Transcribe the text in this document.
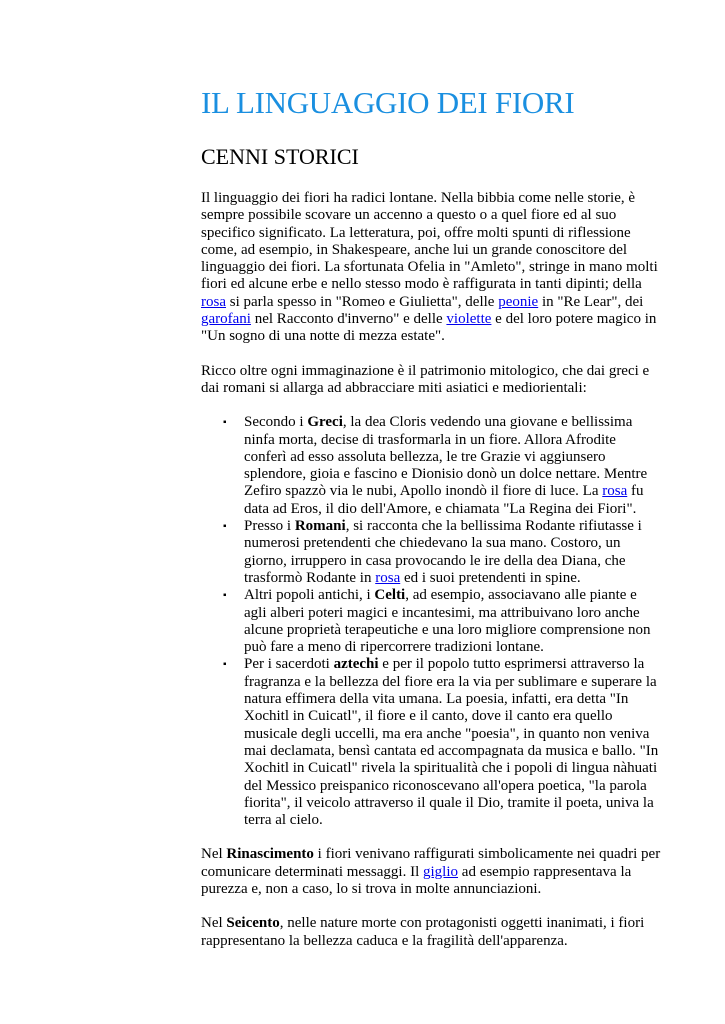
IL LINGUAGGIO DEI FIORI
CENNI STORICI

Il linguaggio dei fiori ha radici lontane. Nella bibbia come nelle storie, è sempre possibile scovare un accenno a questo o a quel fiore ed al suo specifico significato. La letteratura, poi, offre molti spunti di riflessione come, ad esempio, in Shakespeare, anche lui un grande conoscitore del linguaggio dei fiori. La sfortunata Ofelia in "Amleto", stringe in mano molti fiori ed alcune erbe e nello stesso modo è raffigurata in tanti dipinti; della rosa si parla spesso in "Romeo e Giulietta", delle peonie in "Re Lear", dei garofani nel Racconto d'inverno" e delle violette e del loro potere magico in "Un sogno di una notte di mezza estate".

Ricco oltre ogni immaginazione è il patrimonio mitologico, che dai greci e dai romani si allarga ad abbracciare miti asiatici e mediorientali:

▪ Secondo i Greci, la dea Cloris vedendo una giovane e bellissima ninfa morta, decise di trasformarla in un fiore. Allora Afrodite conferì ad esso assoluta bellezza, le tre Grazie vi aggiunsero splendore, gioia e fascino e Dionisio donò un dolce nettare. Mentre Zefiro spazzò via le nubi, Apollo inondò il fiore di luce. La rosa fu data ad Eros, il dio dell'Amore, e chiamata "La Regina dei Fiori".
▪ Presso i Romani, si racconta che la bellissima Rodante rifiutasse i numerosi pretendenti che chiedevano la sua mano. Costoro, un giorno, irruppero in casa provocando le ire della dea Diana, che trasformò Rodante in rosa ed i suoi pretendenti in spine.
▪ Altri popoli antichi, i Celti, ad esempio, associavano alle piante e agli alberi poteri magici e incantesimi, ma attribuivano loro anche alcune proprietà terapeutiche e una loro migliore comprensione non può fare a meno di ripercorrere tradizioni lontane.
▪ Per i sacerdoti aztechi e per il popolo tutto esprimersi attraverso la fragranza e la bellezza del fiore era la via per sublimare e superare la natura effimera della vita umana. La poesia, infatti, era detta "In Xochitl in Cuicatl", il fiore e il canto, dove il canto era quello musicale degli uccelli, ma era anche "poesia", in quanto non veniva mai declamata, bensì cantata ed accompagnata da musica e ballo. "In Xochitl in Cuicatl" rivela la spiritualità che i popoli di lingua nàhuati del Messico preispanico riconoscevano all'opera poetica, "la parola fiorita", il veicolo attraverso il quale il Dio, tramite il poeta, univa la terra al cielo.

Nel Rinascimento i fiori venivano raffigurati simbolicamente nei quadri per comunicare determinati messaggi. Il giglio ad esempio rappresentava la purezza e, non a caso, lo si trova in molte annunciazioni.

Nel Seicento, nelle nature morte con protagonisti oggetti inanimati, i fiori rappresentano la bellezza caduca e la fragilità dell'apparenza.
